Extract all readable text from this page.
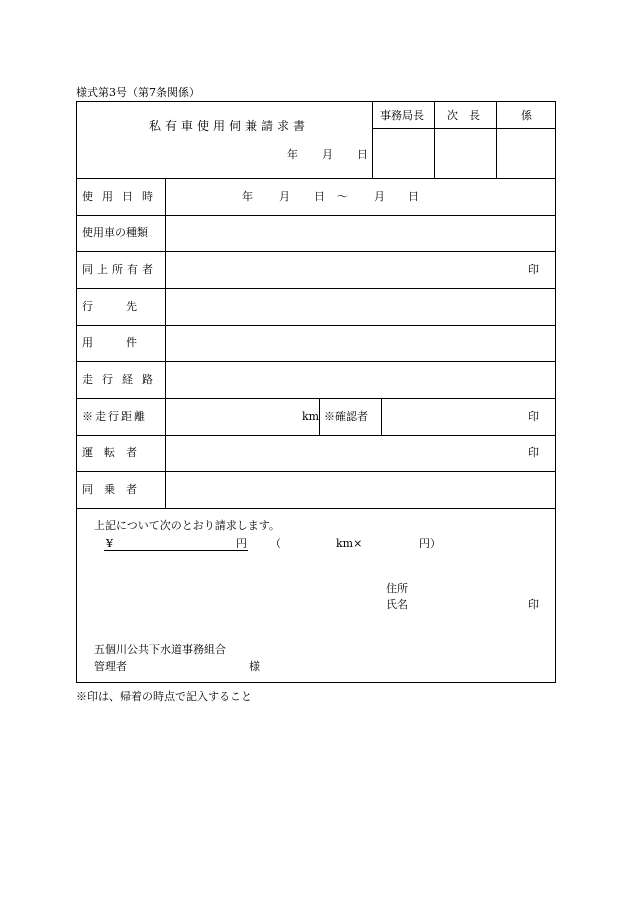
様式第3号（第7条関係）
私有車使用伺兼請求書
年 月 日
事務局長 次　長	係
使用日時	年 月 日 〜 月 日
使用車の種類
同上所有者	印
行　　　先
用　　　件
走行経路
※走行距離	km ※確認者	印
運　転　者	印
同　乗　者
上記について次のとおり請求します。
¥	円 （	km×	円）
住所
氏名	印
五個川公共下水道事務組合
管理者	様
※印は、帰着の時点で記入すること
